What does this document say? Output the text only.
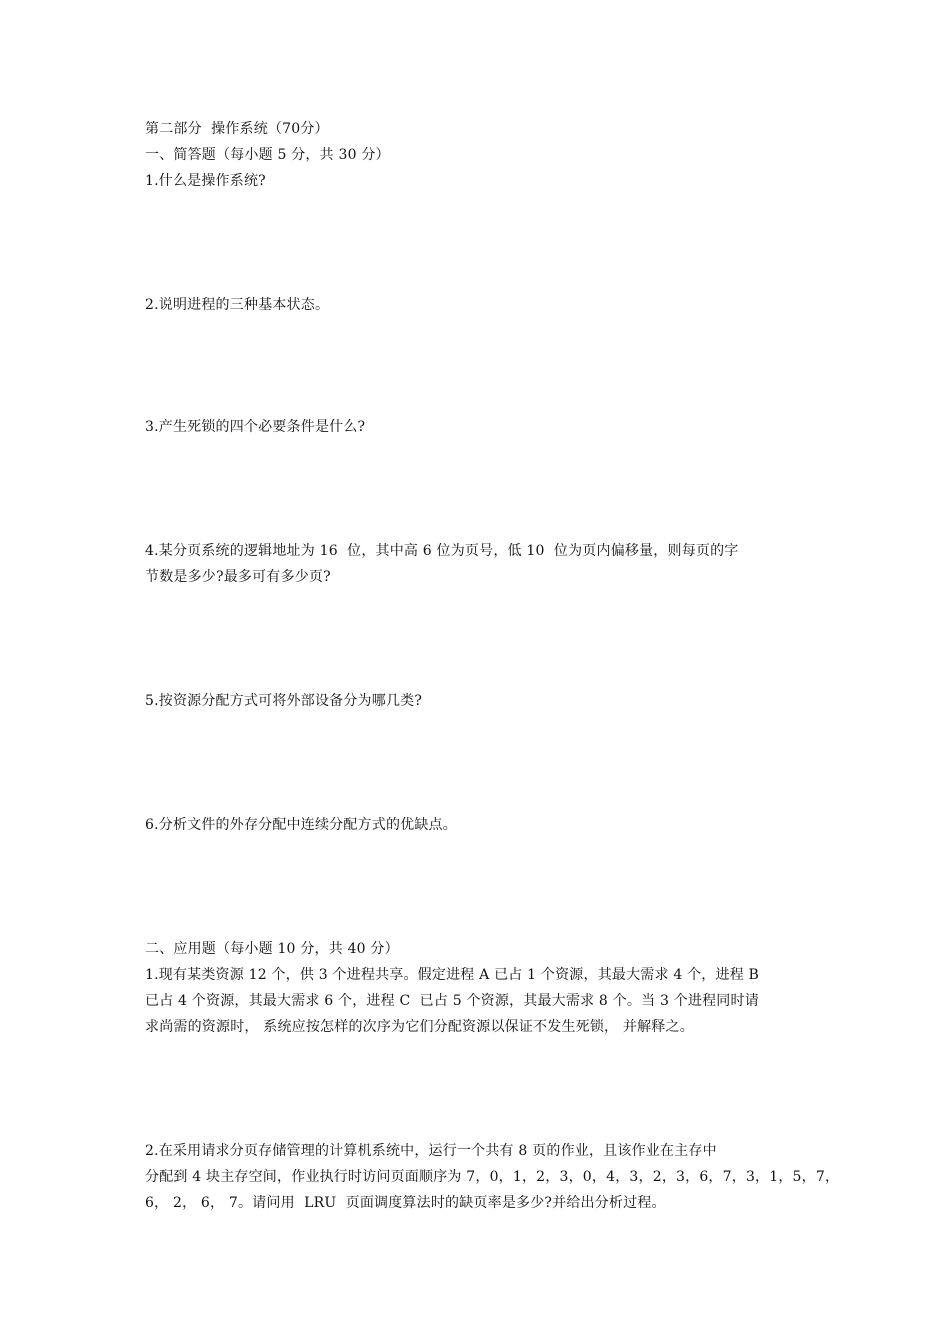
第二部分  操作系统（70分）
一、简答题（每小题 5 分，共 30 分）
1.什么是操作系统?
2.说明进程的三种基本状态。
3.产生死锁的四个必要条件是什么?
4.某分页系统的逻辑地址为 16  位，其中高 6 位为页号，低 10  位为页内偏移量，则每页的字
节数是多少?最多可有多少页?
5.按资源分配方式可将外部设备分为哪几类?
6.分析文件的外存分配中连续分配方式的优缺点。
二、应用题（每小题 10 分，共 40 分）
1.现有某类资源 12 个，供 3 个进程共享。假定进程 A 已占 1 个资源，其最大需求 4 个，进程 B
已占 4 个资源，其最大需求 6 个，进程 C  已占 5 个资源，其最大需求 8 个。当 3 个进程同时请
求尚需的资源时， 系统应按怎样的次序为它们分配资源以保证不发生死锁， 并解释之。
2.在采用请求分页存储管理的计算机系统中，运行一个共有 8 页的作业，且该作业在主存中
分配到 4 块主存空间，作业执行时访问页面顺序为 7，0，1，2，3，0，4，3，2，3，6，7，3，1，5，7，
6， 2， 6， 7。请问用  LRU  页面调度算法时的缺页率是多少?并给出分析过程。
